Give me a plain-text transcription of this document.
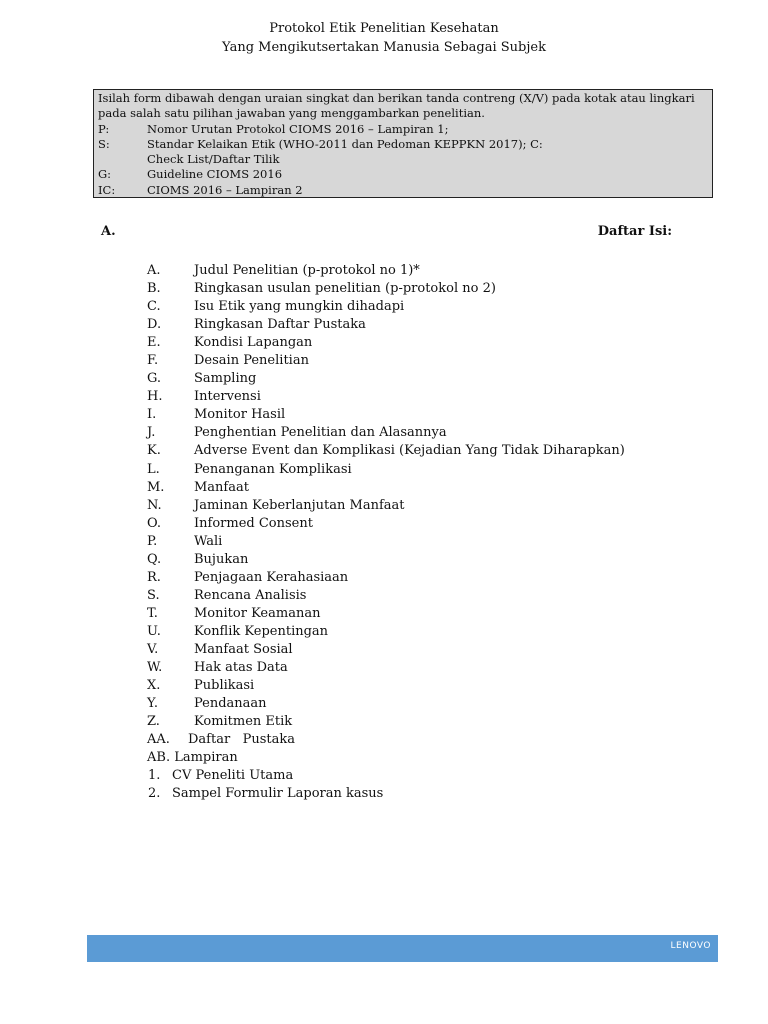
Protokol Etik Penelitian Kesehatan
Yang Mengikutsertakan Manusia Sebagai Subjek

Isilah form dibawah dengan uraian singkat dan berikan tanda contreng (X/V) pada kotak atau lingkari pada salah satu pilihan jawaban yang menggambarkan penelitian.

P:	Nomor Urutan Protokol CIOMS 2016 – Lampiran 1;
S:	Standar Kelaikan Etik (WHO-2011 dan Pedoman KEPPKN 2017); C:
Check List/Daftar Tilik
G:	Guideline CIOMS 2016
IC:	CIOMS 2016 – Lampiran 2
A.	Daftar Isi:
A.	Judul Penelitian (p-protokol no 1)*
B.	Ringkasan usulan penelitian (p-protokol no 2)
C.	Isu Etik yang mungkin dihadapi
D.	Ringkasan Daftar Pustaka
E.	Kondisi Lapangan
F.	Desain Penelitian
G.	Sampling
H.	Intervensi
I.	Monitor Hasil
J.	Penghentian Penelitian dan Alasannya
K.	Adverse Event dan Komplikasi (Kejadian Yang Tidak Diharapkan)
L.	Penanganan Komplikasi
M.	Manfaat
N.	Jaminan Keberlanjutan Manfaat
O.	Informed Consent
P.	Wali
Q.	Bujukan
R.	Penjagaan Kerahasiaan
S.	Rencana Analisis
T.	Monitor Keamanan
U.	Konflik Kepentingan
V.	Manfaat Sosial
W.	Hak atas Data
X.	Publikasi
Y.	Pendanaan
Z.	Komitmen Etik
AA.	Daftar   Pustaka
AB. Lampiran
1. CV Peneliti Utama
2. Sampel Formulir Laporan kasus
LENOVO
